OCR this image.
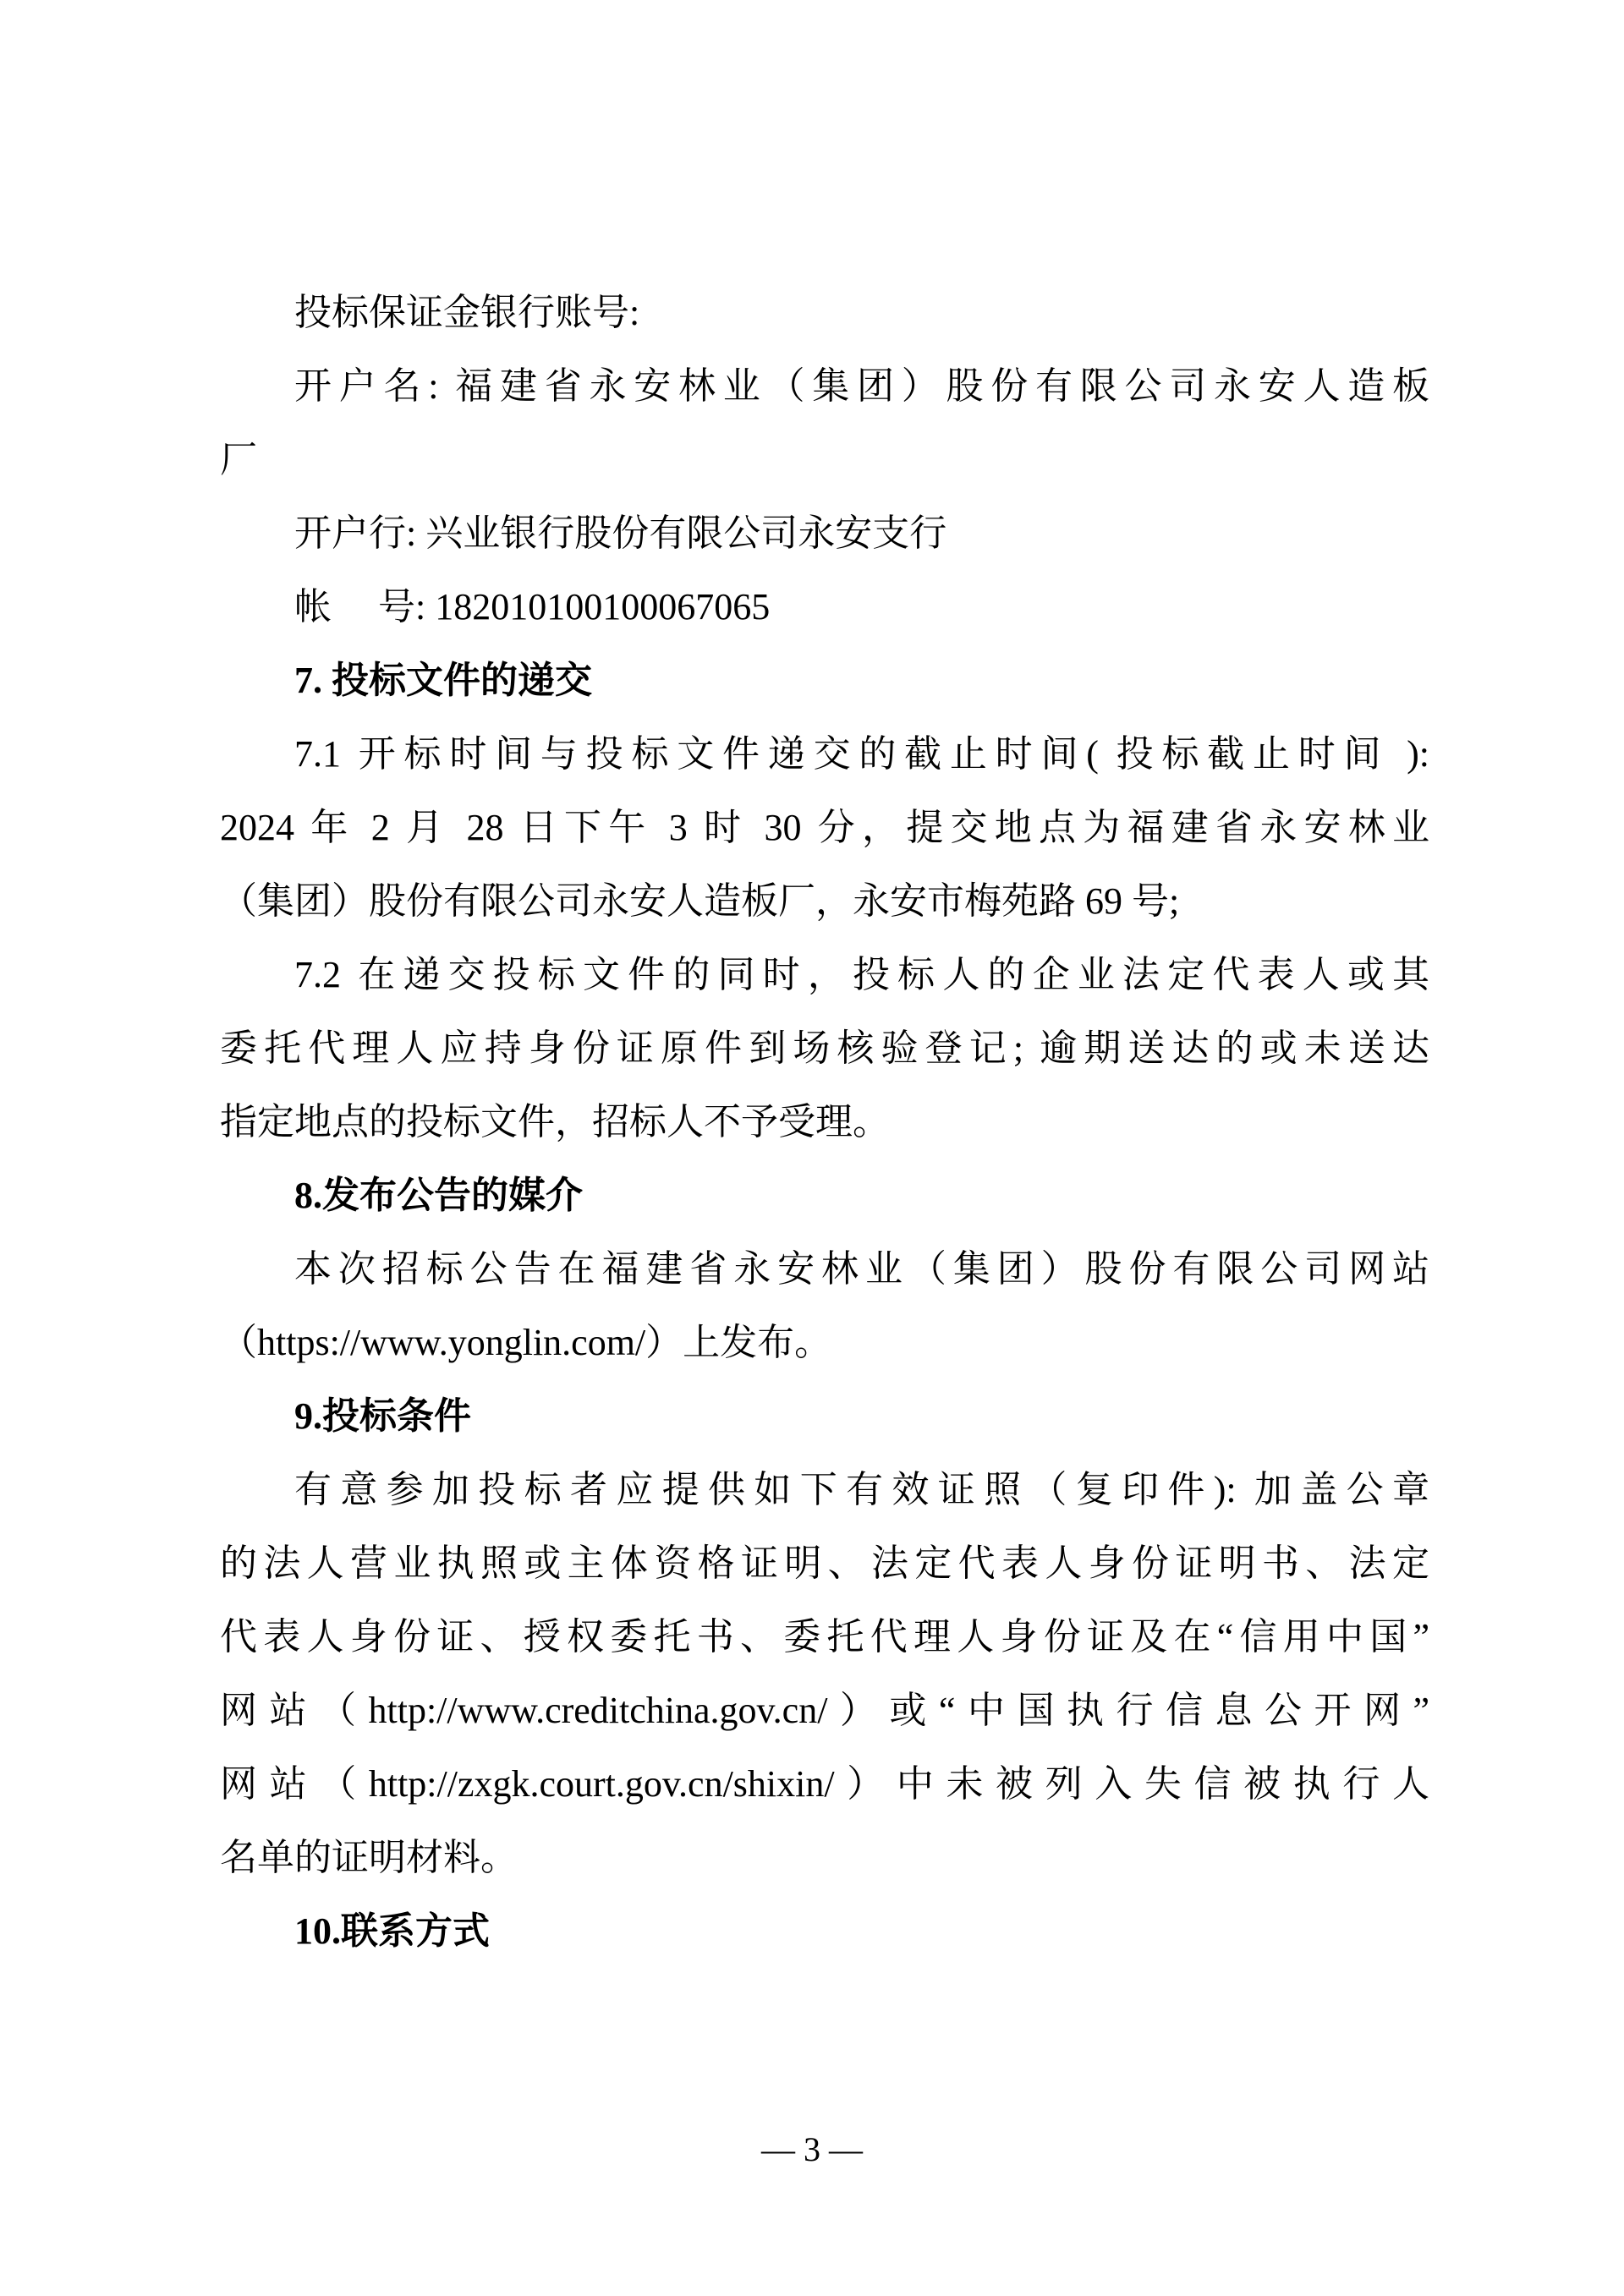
投标保证金银行账号:

开户名: 福建省永安林业（集团）股份有限公司永安人造板

厂

开户行: 兴业银行股份有限公司永安支行

帐　 号: 182010100100067065

7. 投标文件的递交

7.1 开标时间与投标文件递交的截止时间( 投标截止时间 ):

2024 年 2 月 28 日下午 3 时 30 分，提交地点为福建省永安林业

（集团）股份有限公司永安人造板厂，永安市梅苑路 69 号;

7.2 在递交投标文件的同时，投标人的企业法定代表人或其

委托代理人应持身份证原件到场核验登记; 逾期送达的或未送达

指定地点的投标文件，招标人不予受理。

8.发布公告的媒介

本次招标公告在福建省永安林业（集团）股份有限公司网站

（https://www.yonglin.com/）上发布。

9.投标条件

有意参加投标者应提供如下有效证照（复印件): 加盖公章

的法人营业执照或主体资格证明、法定代表人身份证明书、法定

代表人身份证、授权委托书、委托代理人身份证及在“信用中国”

网站（http://www.creditchina.gov.cn/）或“中国执行信息公开网”

网站（http://zxgk.court.gov.cn/shixin/）中未被列入失信被执行人

名单的证明材料。

10.联系方式

— 3 —
